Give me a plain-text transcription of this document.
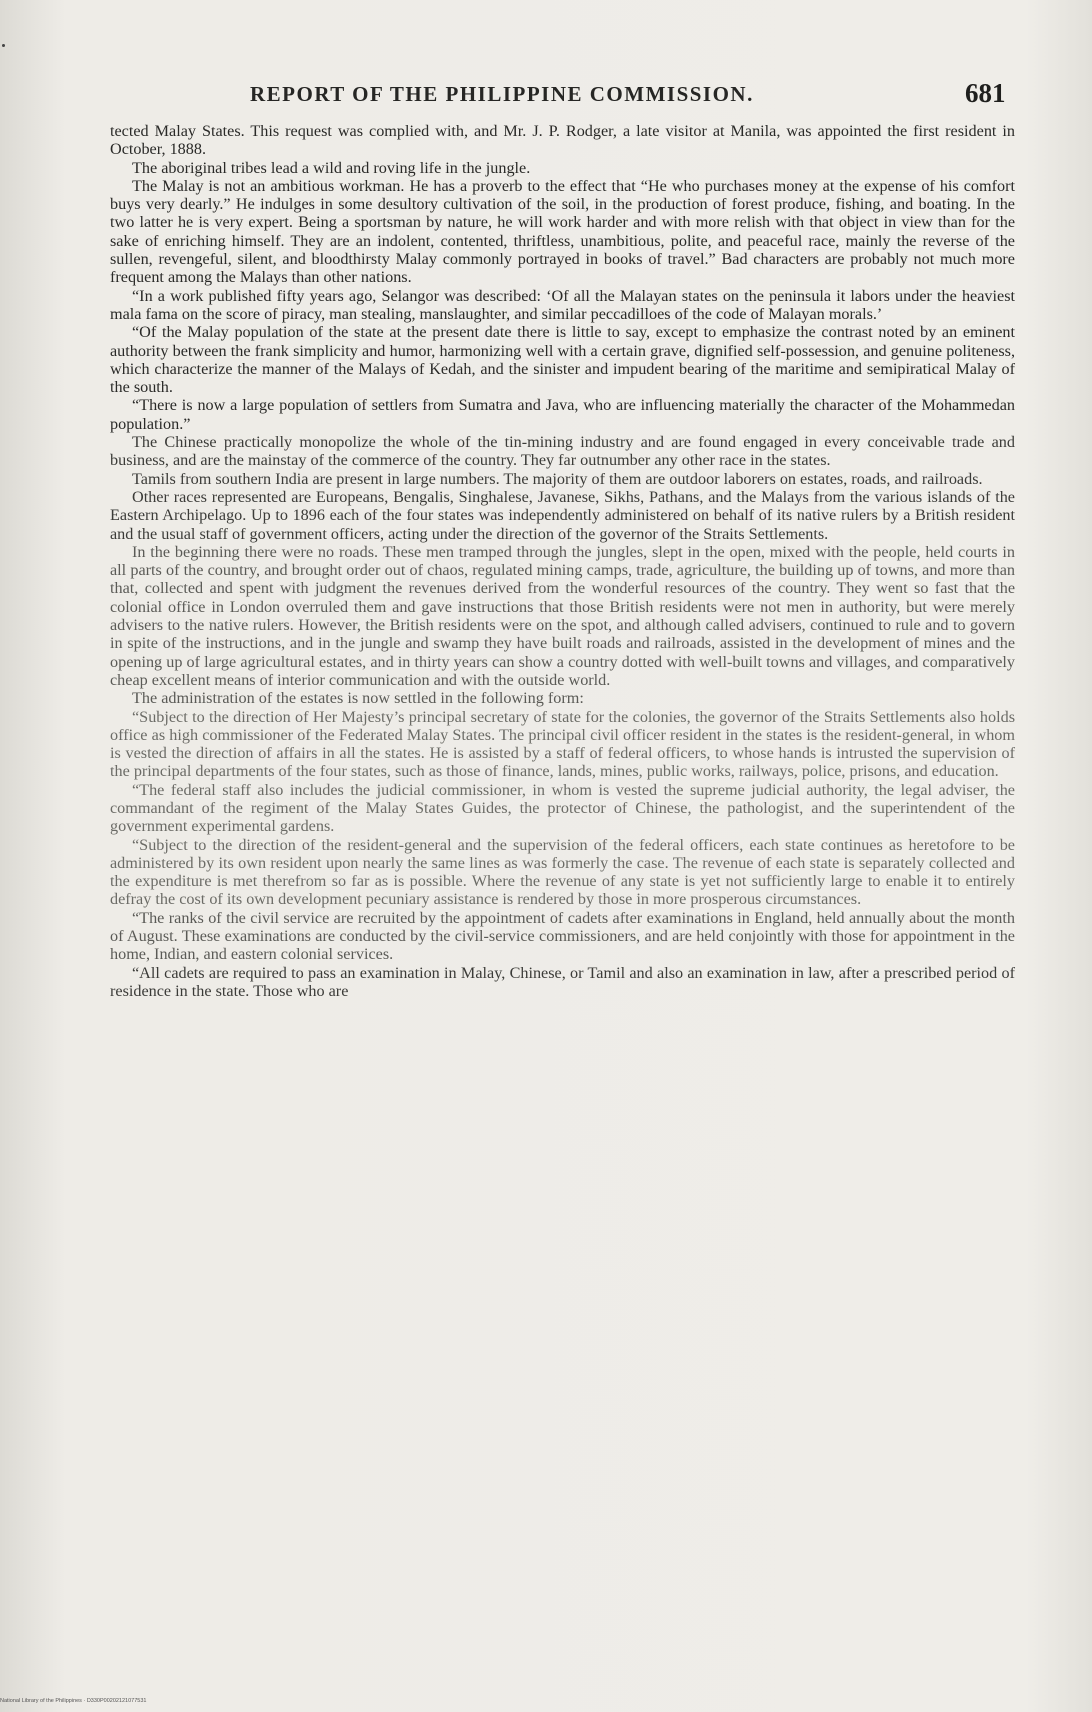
REPORT OF THE PHILIPPINE COMMISSION.	681

tected Malay States. This request was complied with, and Mr. J. P. Rodger, a late visitor at Manila, was appointed the first resident in October, 1888.

The aboriginal tribes lead a wild and roving life in the jungle.

The Malay is not an ambitious workman. He has a proverb to the effect that “He who purchases money at the expense of his comfort buys very dearly.” He indulges in some desultory cultivation of the soil, in the production of forest produce, fishing, and boating. In the two latter he is very expert. Being a sportsman by nature, he will work harder and with more relish with that object in view than for the sake of enriching himself. They are an indolent, contented, thriftless, unambitious, polite, and peaceful race, mainly the reverse of the sullen, revengeful, silent, and bloodthirsty Malay commonly portrayed in books of travel.” Bad characters are probably not much more frequent among the Malays than other nations.

“In a work published fifty years ago, Selangor was described: ‘Of all the Malayan states on the peninsula it labors under the heaviest mala fama on the score of piracy, man stealing, manslaughter, and similar peccadilloes of the code of Malayan morals.’

“Of the Malay population of the state at the present date there is little to say, except to emphasize the contrast noted by an eminent authority between the frank simplicity and humor, harmonizing well with a certain grave, dignified self-possession, and genuine politeness, which characterize the manner of the Malays of Kedah, and the sinister and impudent bearing of the maritime and semipiratical Malay of the south.

“There is now a large population of settlers from Sumatra and Java, who are influencing materially the character of the Mohammedan population.”

The Chinese practically monopolize the whole of the tin-mining industry and are found engaged in every conceivable trade and business, and are the mainstay of the commerce of the country. They far outnumber any other race in the states.

Tamils from southern India are present in large numbers. The majority of them are outdoor laborers on estates, roads, and railroads.

Other races represented are Europeans, Bengalis, Singhalese, Javanese, Sikhs, Pathans, and the Malays from the various islands of the Eastern Archipelago. Up to 1896 each of the four states was independently administered on behalf of its native rulers by a British resident and the usual staff of government officers, acting under the direction of the governor of the Straits Settlements.

In the beginning there were no roads. These men tramped through the jungles, slept in the open, mixed with the people, held courts in all parts of the country, and brought order out of chaos, regulated mining camps, trade, agriculture, the building up of towns, and more than that, collected and spent with judgment the revenues derived from the wonderful resources of the country. They went so fast that the colonial office in London overruled them and gave instructions that those British residents were not men in authority, but were merely advisers to the native rulers. However, the British residents were on the spot, and although called advisers, continued to rule and to govern in spite of the instructions, and in the jungle and swamp they have built roads and railroads, assisted in the development of mines and the opening up of large agricultural estates, and in thirty years can show a country dotted with well-built towns and villages, and comparatively cheap excellent means of interior communication and with the outside world.

The administration of the estates is now settled in the following form:

“Subject to the direction of Her Majesty’s principal secretary of state for the colonies, the governor of the Straits Settlements also holds office as high commissioner of the Federated Malay States. The principal civil officer resident in the states is the resident-general, in whom is vested the direction of affairs in all the states. He is assisted by a staff of federal officers, to whose hands is intrusted the supervision of the principal departments of the four states, such as those of finance, lands, mines, public works, railways, police, prisons, and education.

“The federal staff also includes the judicial commissioner, in whom is vested the supreme judicial authority, the legal adviser, the commandant of the regiment of the Malay States Guides, the protector of Chinese, the pathologist, and the superintendent of the government experimental gardens.

“Subject to the direction of the resident-general and the supervision of the federal officers, each state continues as heretofore to be administered by its own resident upon nearly the same lines as was formerly the case. The revenue of each state is separately collected and the expenditure is met therefrom so far as is possible. Where the revenue of any state is yet not sufficiently large to enable it to entirely defray the cost of its own development pecuniary assistance is rendered by those in more prosperous circumstances.

“The ranks of the civil service are recruited by the appointment of cadets after examinations in England, held annually about the month of August. These examinations are conducted by the civil-service commissioners, and are held conjointly with those for appointment in the home, Indian, and eastern colonial services.

“All cadets are required to pass an examination in Malay, Chinese, or Tamil and also an examination in law, after a prescribed period of residence in the state. Those who are

National Library of the Philippines · D330P00202121077531
